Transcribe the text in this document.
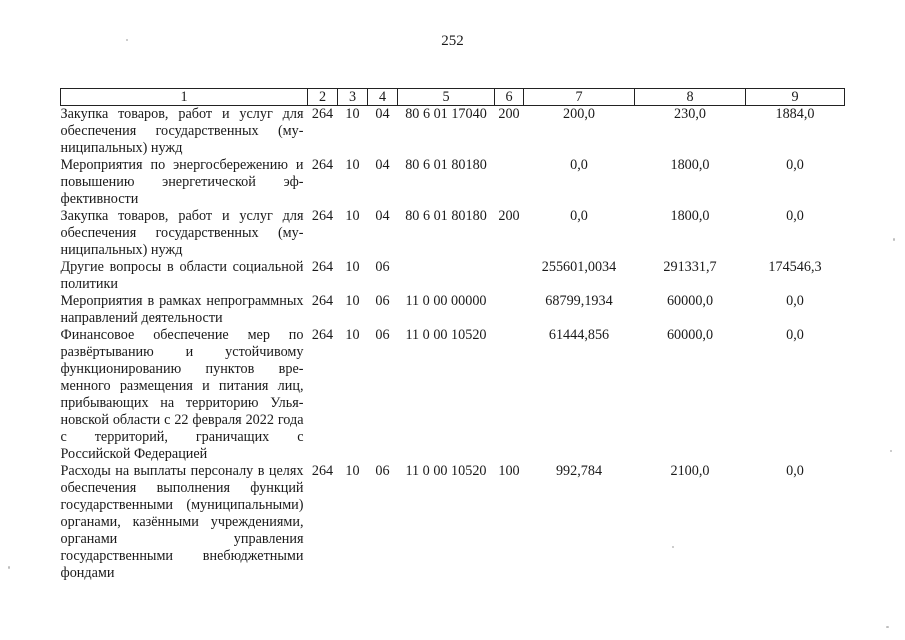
252
1	2	3	4	5	6	7	8	9
Закупка товаров, работ и услуг для обеспечения государственных (муниципальных) нужд	264	10	04	80 6 01 17040	200	200,0	230,0	1884,0
Мероприятия по энергосбережению и повышению энергетической эффективности	264	10	04	80 6 01 80180		0,0	1800,0	0,0
Закупка товаров, работ и услуг для обеспечения государственных (муниципальных) нужд	264	10	04	80 6 01 80180	200	0,0	1800,0	0,0
Другие вопросы в области социальной политики	264	10	06			255601,0034	291331,7	174546,3
Мероприятия в рамках непрограммных направлений деятельности	264	10	06	11 0 00 00000		68799,1934	60000,0	0,0
Финансовое обеспечение мер по развёртыванию и устойчивому функционированию пунктов временного размещения и питания лиц, прибывающих на территорию Ульяновской области с 22 февраля 2022 года с территорий, граничащих с Российской Федерацией	264	10	06	11 0 00 10520		61444,856	60000,0	0,0
Расходы на выплаты персоналу в целях обеспечения выполнения функций государственными (муниципальными) органами, казёнными учреждениями, органами управления государственными внебюджетными фондами	264	10	06	11 0 00 10520	100	992,784	2100,0	0,0
